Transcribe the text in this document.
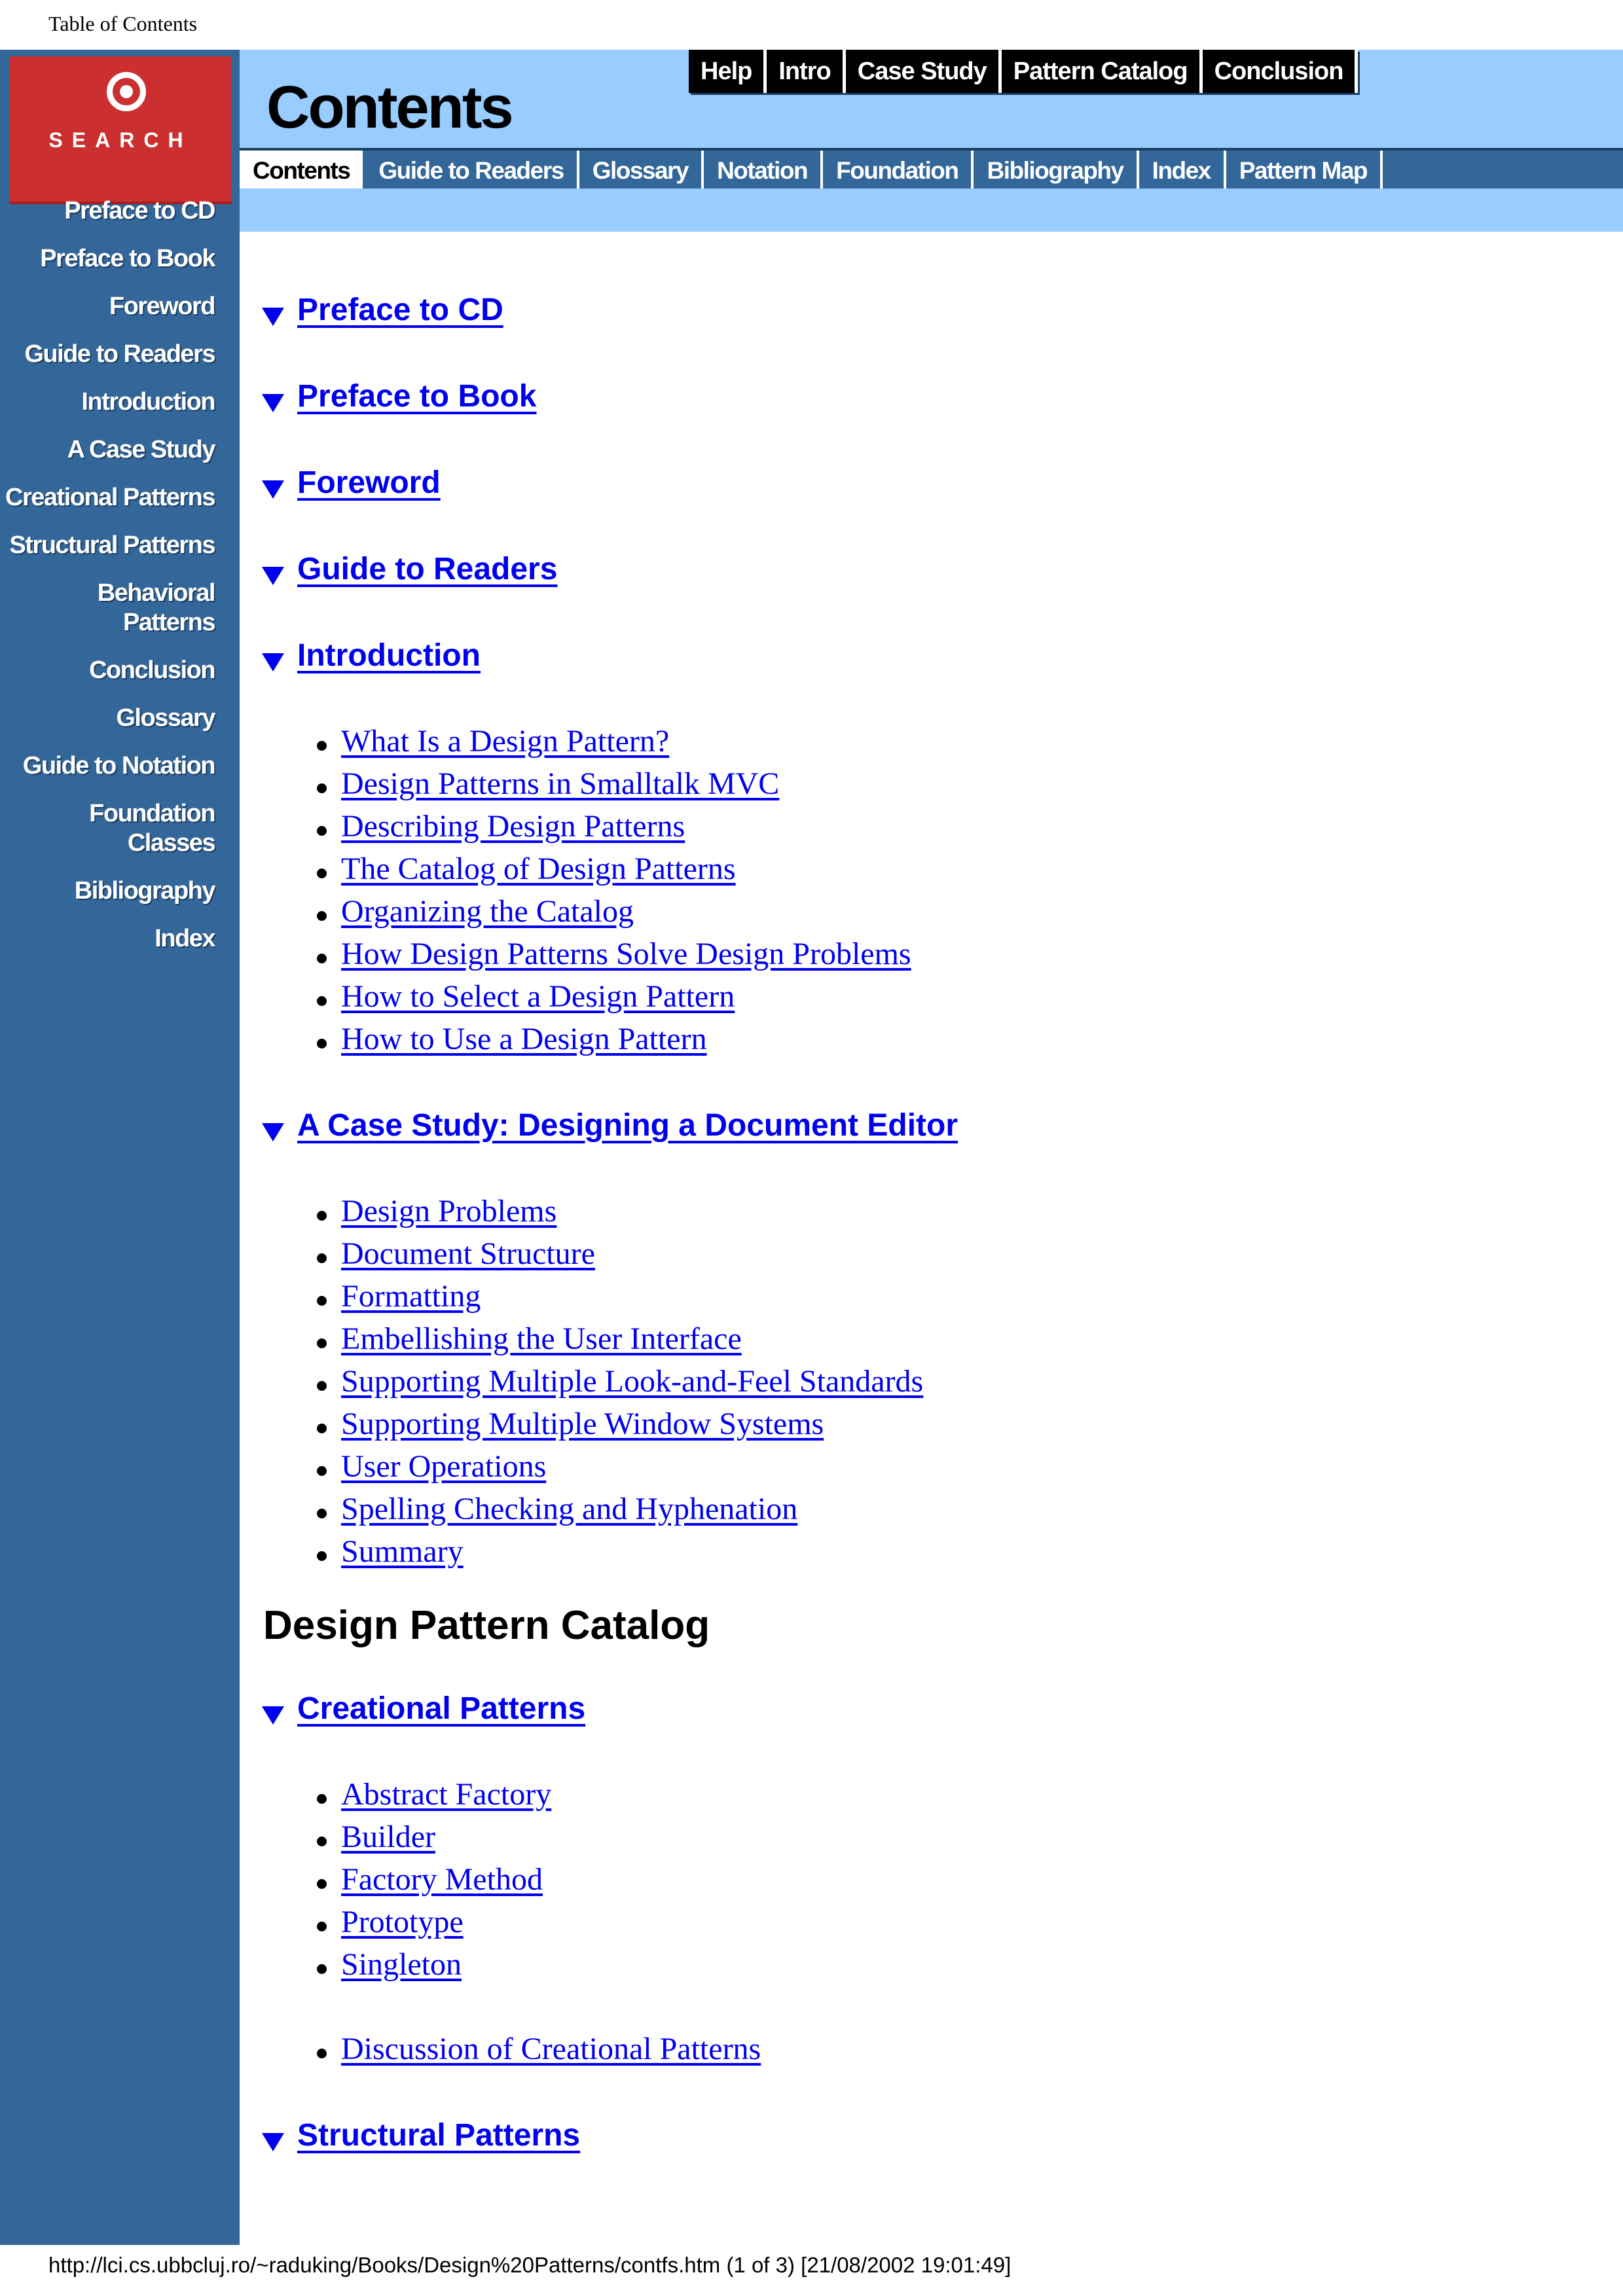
Table of Contents
SEARCH
Preface to CD
Preface to Book
Foreword
Guide to Readers
Introduction
A Case Study
Creational Patterns
Structural Patterns
Behavioral Patterns
Conclusion
Glossary
Guide to Notation
Foundation
Classes
Bibliography
Index
Contents
Help	Intro	Case Study	Pattern Catalog	Conclusion
Contents	Guide to Readers	Glossary	Notation	Foundation	Bibliography	Index	Pattern Map
Preface to CD
Preface to Book
Foreword
Guide to Readers
Introduction
What Is a Design Pattern?
Design Patterns in Smalltalk MVC
Describing Design Patterns
The Catalog of Design Patterns
Organizing the Catalog
How Design Patterns Solve Design Problems
How to Select a Design Pattern
How to Use a Design Pattern
A Case Study: Designing a Document Editor
Design Problems
Document Structure
Formatting
Embellishing the User Interface
Supporting Multiple Look-and-Feel Standards
Supporting Multiple Window Systems
User Operations
Spelling Checking and Hyphenation
Summary
Design Pattern Catalog
Creational Patterns
Abstract Factory
Builder
Factory Method
Prototype
Singleton
Discussion of Creational Patterns
Structural Patterns
http://lci.cs.ubbcluj.ro/~raduking/Books/Design%20Patterns/contfs.htm (1 of 3) [21/08/2002 19:01:49]
